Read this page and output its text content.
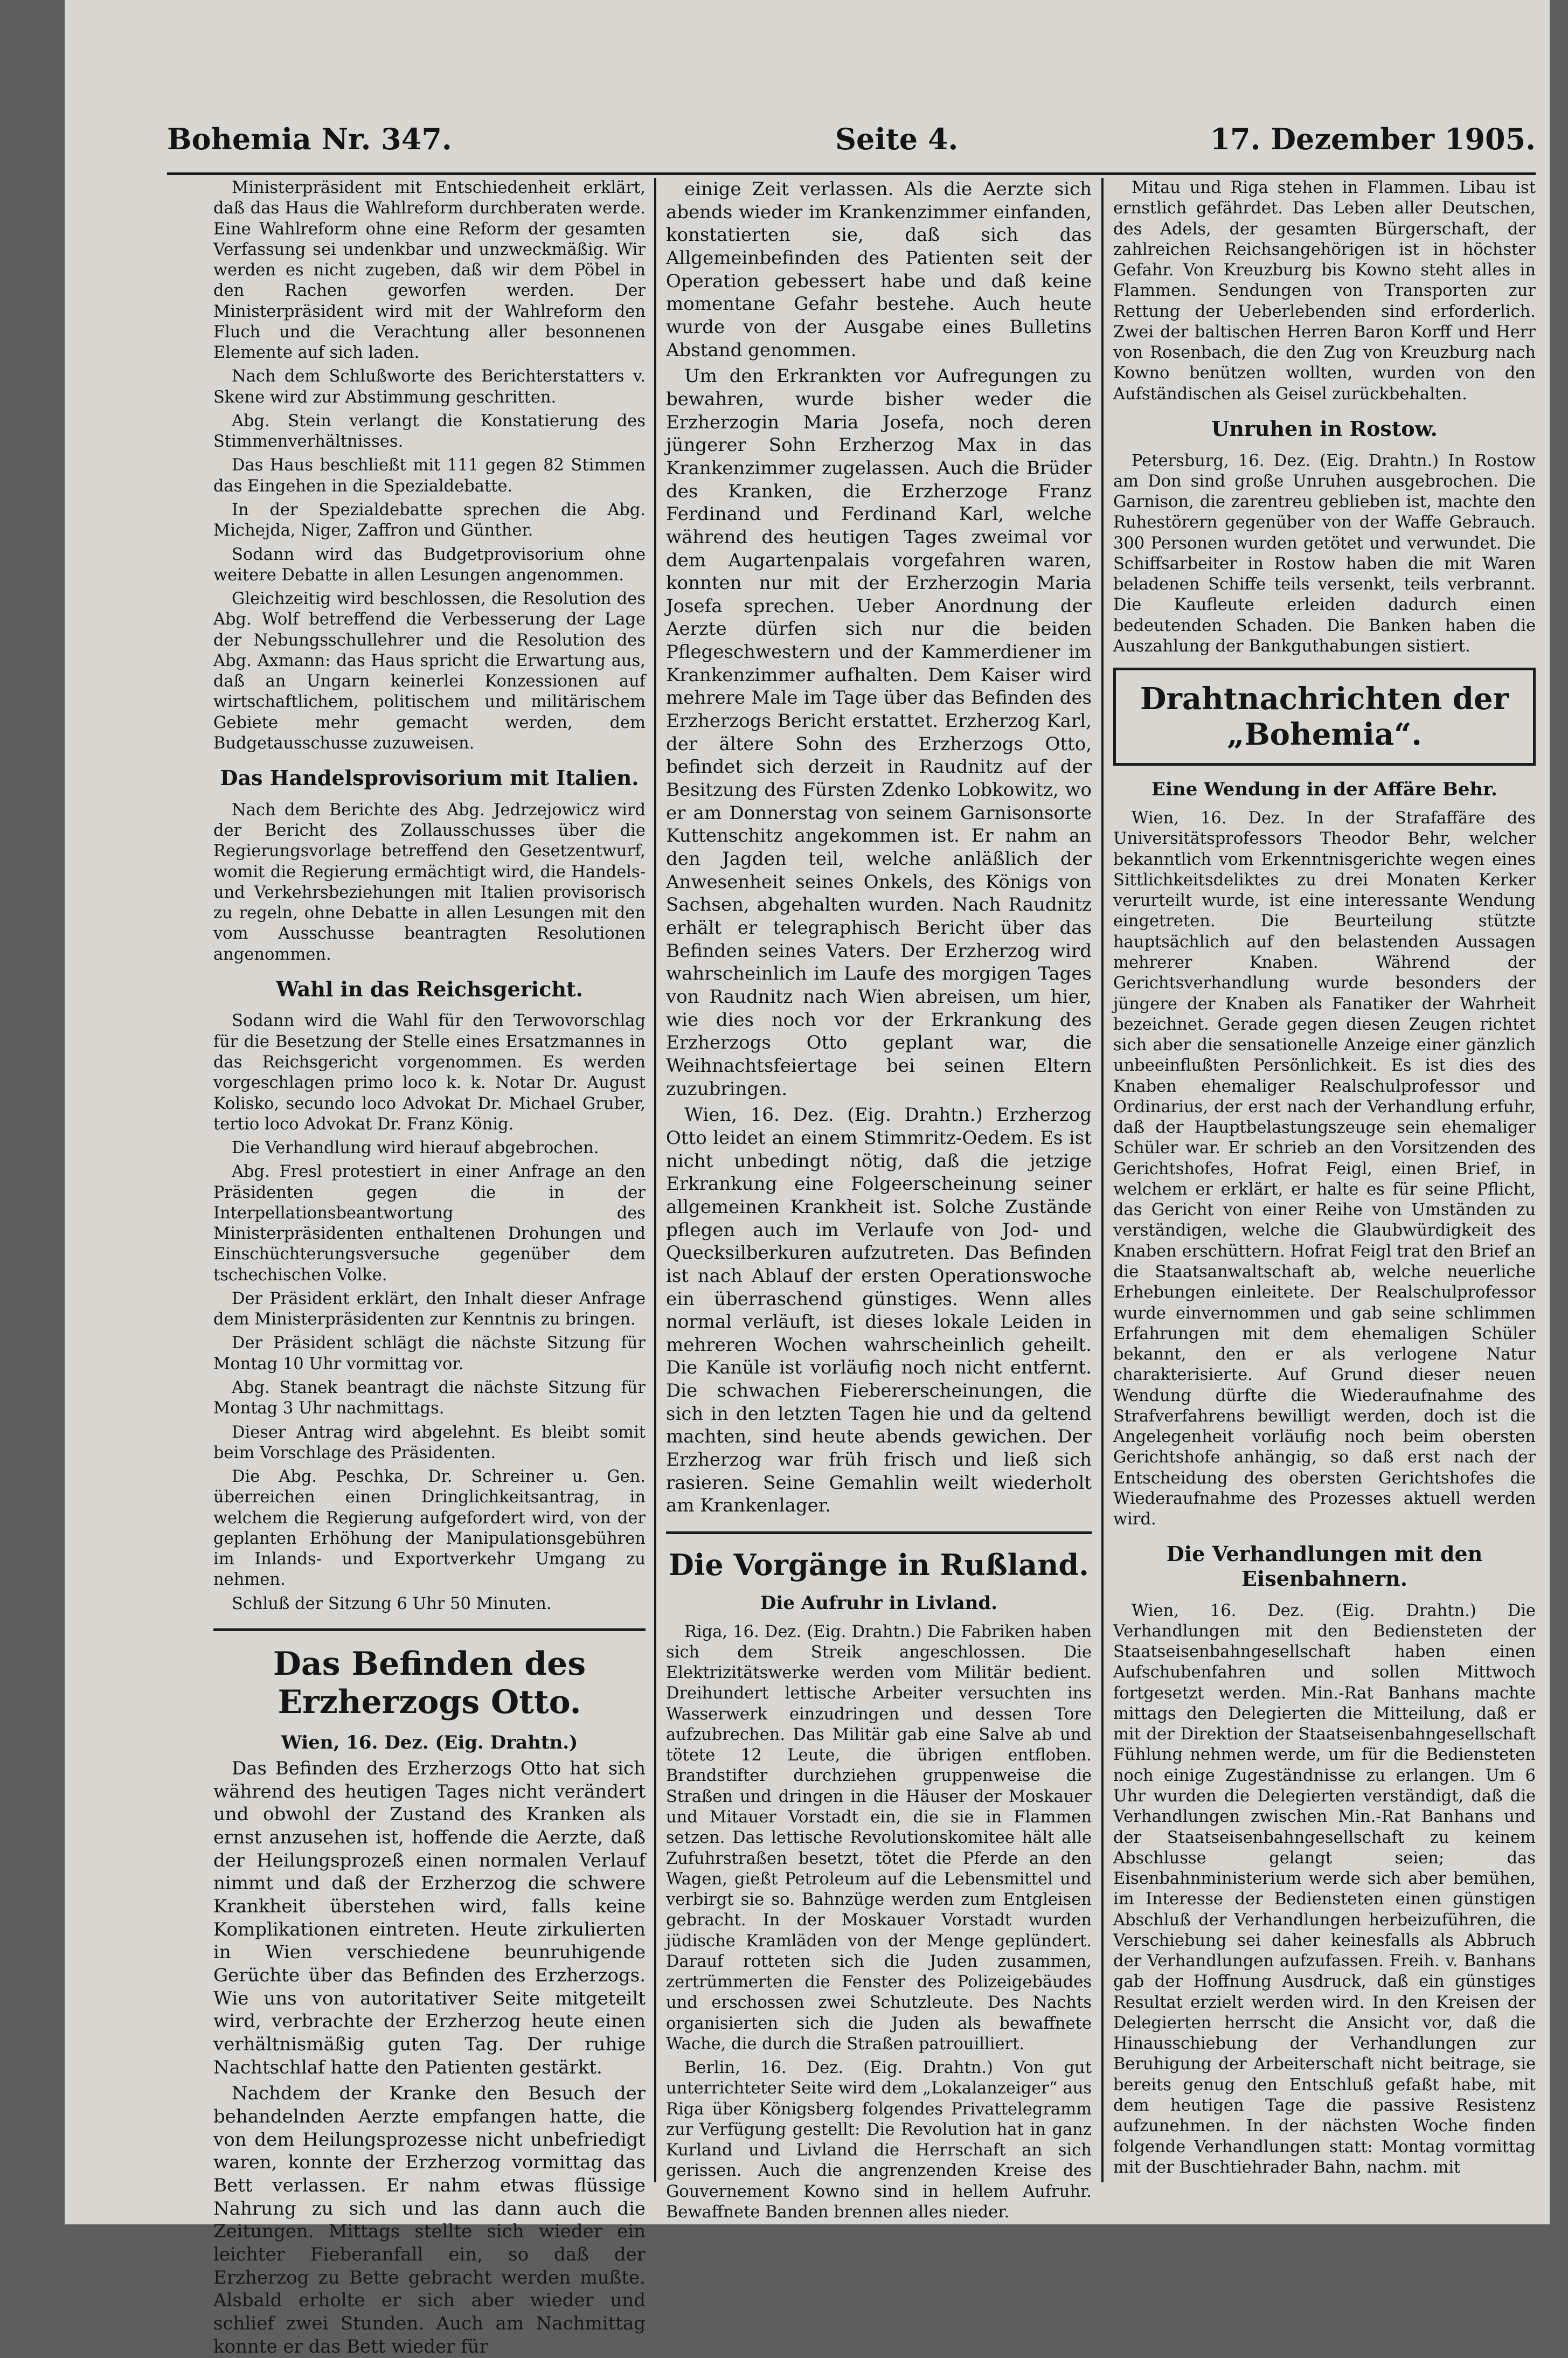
Bohemia Nr. 347.	Seite 4.	17. Dezember 1905.

Ministerpräsident mit Entschiedenheit erklärt, daß das Haus die Wahlreform durchberaten werde. Eine Wahlreform ohne eine Reform der gesamten Verfassung sei undenkbar und unzweckmäßig. Wir werden es nicht zugeben, daß wir dem Pöbel in den Rachen geworfen werden. Der Ministerpräsident wird mit der Wahlreform den Fluch und die Verachtung aller besonnenen Elemente auf sich laden.

Nach dem Schlußworte des Berichterstatters v. Skene wird zur Abstimmung geschritten.

Abg. Stein verlangt die Konstatierung des Stimmenverhältnisses.

Das Haus beschließt mit 111 gegen 82 Stimmen das Eingehen in die Spezialdebatte.

In der Spezialdebatte sprechen die Abg. Michejda, Niger, Zaffron und Günther.

Sodann wird das Budgetprovisorium ohne weitere Debatte in allen Lesungen angenommen.

Gleichzeitig wird beschlossen, die Resolution des Abg. Wolf betreffend die Verbesserung der Lage der Nebungsschullehrer und die Resolution des Abg. Axmann: das Haus spricht die Erwartung aus, daß an Ungarn keinerlei Konzessionen auf wirtschaftlichem, politischem und militärischem Gebiete mehr gemacht werden, dem Budgetausschusse zuzuweisen.

Das Handelsprovisorium mit Italien.

Nach dem Berichte des Abg. Jedrzejowicz wird der Bericht des Zollausschusses über die Regierungsvorlage betreffend den Gesetzentwurf, womit die Regierung ermächtigt wird, die Handels- und Verkehrsbeziehungen mit Italien provisorisch zu regeln, ohne Debatte in allen Lesungen mit den vom Ausschusse beantragten Resolutionen angenommen.

Wahl in das Reichsgericht.

Sodann wird die Wahl für den Terwovorschlag für die Besetzung der Stelle eines Ersatzmannes in das Reichsgericht vorgenommen. Es werden vorgeschlagen primo loco k. k. Notar Dr. August Kolisko, secundo loco Advokat Dr. Michael Gruber, tertio loco Advokat Dr. Franz König.

Die Verhandlung wird hierauf abgebrochen.

Abg. Fresl protestiert in einer Anfrage an den Präsidenten gegen die in der Interpellationsbeantwortung des Ministerpräsidenten enthaltenen Drohungen und Einschüchterungsversuche gegenüber dem tschechischen Volke.

Der Präsident erklärt, den Inhalt dieser Anfrage dem Ministerpräsidenten zur Kenntnis zu bringen.

Der Präsident schlägt die nächste Sitzung für Montag 10 Uhr vormittag vor.

Abg. Stanek beantragt die nächste Sitzung für Montag 3 Uhr nachmittags.

Dieser Antrag wird abgelehnt. Es bleibt somit beim Vorschlage des Präsidenten.

Die Abg. Peschka, Dr. Schreiner u. Gen. überreichen einen Dringlichkeitsantrag, in welchem die Regierung aufgefordert wird, von der geplanten Erhöhung der Manipulationsgebühren im Inlands- und Exportverkehr Umgang zu nehmen.

Schluß der Sitzung 6 Uhr 50 Minuten.

Das Befinden des Erzherzogs Otto.

Wien, 16. Dez. (Eig. Drahtn.)

Das Befinden des Erzherzogs Otto hat sich während des heutigen Tages nicht verändert und obwohl der Zustand des Kranken als ernst anzusehen ist, hoffende die Aerzte, daß der Heilungsprozeß einen normalen Verlauf nimmt und daß der Erzherzog die schwere Krankheit überstehen wird, falls keine Komplikationen eintreten. Heute zirkulierten in Wien verschiedene beunruhigende Gerüchte über das Befinden des Erzherzogs. Wie uns von autoritativer Seite mitgeteilt wird, verbrachte der Erzherzog heute einen verhältnismäßig guten Tag. Der ruhige Nachtschlaf hatte den Patienten gestärkt.

Nachdem der Kranke den Besuch der behandelnden Aerzte empfangen hatte, die von dem Heilungsprozesse nicht unbefriedigt waren, konnte der Erzherzog vormittag das Bett verlassen. Er nahm etwas flüssige Nahrung zu sich und las dann auch die Zeitungen. Mittags stellte sich wieder ein leichter Fieberanfall ein, so daß der Erzherzog zu Bette gebracht werden mußte. Alsbald erholte er sich aber wieder und schlief zwei Stunden. Auch am Nachmittag konnte er das Bett wieder für

einige Zeit verlassen. Als die Aerzte sich abends wieder im Krankenzimmer einfanden, konstatierten sie, daß sich das Allgemeinbefinden des Patienten seit der Operation gebessert habe und daß keine momentane Gefahr bestehe. Auch heute wurde von der Ausgabe eines Bulletins Abstand genommen.

Um den Erkrankten vor Aufregungen zu bewahren, wurde bisher weder die Erzherzogin Maria Josefa, noch deren jüngerer Sohn Erzherzog Max in das Krankenzimmer zugelassen. Auch die Brüder des Kranken, die Erzherzoge Franz Ferdinand und Ferdinand Karl, welche während des heutigen Tages zweimal vor dem Augartenpalais vorgefahren waren, konnten nur mit der Erzherzogin Maria Josefa sprechen. Ueber Anordnung der Aerzte dürfen sich nur die beiden Pflegeschwestern und der Kammerdiener im Krankenzimmer aufhalten. Dem Kaiser wird mehrere Male im Tage über das Befinden des Erzherzogs Bericht erstattet. Erzherzog Karl, der ältere Sohn des Erzherzogs Otto, befindet sich derzeit in Raudnitz auf der Besitzung des Fürsten Zdenko Lobkowitz, wo er am Donnerstag von seinem Garnisonsorte Kuttenschitz angekommen ist. Er nahm an den Jagden teil, welche anläßlich der Anwesenheit seines Onkels, des Königs von Sachsen, abgehalten wurden. Nach Raudnitz erhält er telegraphisch Bericht über das Befinden seines Vaters. Der Erzherzog wird wahrscheinlich im Laufe des morgigen Tages von Raudnitz nach Wien abreisen, um hier, wie dies noch vor der Erkrankung des Erzherzogs Otto geplant war, die Weihnachtsfeiertage bei seinen Eltern zuzubringen.

Wien, 16. Dez. (Eig. Drahtn.) Erzherzog Otto leidet an einem Stimmritz-Oedem. Es ist nicht unbedingt nötig, daß die jetzige Erkrankung eine Folgeerscheinung seiner allgemeinen Krankheit ist. Solche Zustände pflegen auch im Verlaufe von Jod- und Quecksilberkuren aufzutreten. Das Befinden ist nach Ablauf der ersten Operationswoche ein überraschend günstiges. Wenn alles normal verläuft, ist dieses lokale Leiden in mehreren Wochen wahrscheinlich geheilt. Die Kanüle ist vorläufig noch nicht entfernt. Die schwachen Fiebererscheinungen, die sich in den letzten Tagen hie und da geltend machten, sind heute abends gewichen. Der Erzherzog war früh frisch und ließ sich rasieren. Seine Gemahlin weilt wiederholt am Krankenlager.

Die Vorgänge in Rußland.
Die Aufruhr in Livland.

Riga, 16. Dez. (Eig. Drahtn.) Die Fabriken haben sich dem Streik angeschlossen. Die Elektrizitätswerke werden vom Militär bedient. Dreihundert lettische Arbeiter versuchten ins Wasserwerk einzudringen und dessen Tore aufzubrechen. Das Militär gab eine Salve ab und tötete 12 Leute, die übrigen entfloben. Brandstifter durchziehen gruppenweise die Straßen und dringen in die Häuser der Moskauer und Mitauer Vorstadt ein, die sie in Flammen setzen. Das lettische Revolutionskomitee hält alle Zufuhrstraßen besetzt, tötet die Pferde an den Wagen, gießt Petroleum auf die Lebensmittel und verbirgt sie so. Bahnzüge werden zum Entgleisen gebracht. In der Moskauer Vorstadt wurden jüdische Kramläden von der Menge geplündert. Darauf rotteten sich die Juden zusammen, zertrümmerten die Fenster des Polizeigebäudes und erschossen zwei Schutzleute. Des Nachts organisierten sich die Juden als bewaffnete Wache, die durch die Straßen patrouilliert.

Berlin, 16. Dez. (Eig. Drahtn.) Von gut unterrichteter Seite wird dem „Lokalanzeiger“ aus Riga über Königsberg folgendes Privattelegramm zur Verfügung gestellt: Die Revolution hat in ganz Kurland und Livland die Herrschaft an sich gerissen. Auch die angrenzenden Kreise des Gouvernement Kowno sind in hellem Aufruhr. Bewaffnete Banden brennen alles nieder.

Mitau und Riga stehen in Flammen. Libau ist ernstlich gefährdet. Das Leben aller Deutschen, des Adels, der gesamten Bürgerschaft, der zahlreichen Reichsangehörigen ist in höchster Gefahr. Von Kreuzburg bis Kowno steht alles in Flammen. Sendungen von Transporten zur Rettung der Ueberlebenden sind erforderlich. Zwei der baltischen Herren Baron Korff und Herr von Rosenbach, die den Zug von Kreuzburg nach Kowno benützen wollten, wurden von den Aufständischen als Geisel zurückbehalten.

Unruhen in Rostow.

Petersburg, 16. Dez. (Eig. Drahtn.) In Rostow am Don sind große Unruhen ausgebrochen. Die Garnison, die zarentreu geblieben ist, machte den Ruhestörern gegenüber von der Waffe Gebrauch. 300 Personen wurden getötet und verwundet. Die Schiffsarbeiter in Rostow haben die mit Waren beladenen Schiffe teils versenkt, teils verbrannt. Die Kaufleute erleiden dadurch einen bedeutenden Schaden. Die Banken haben die Auszahlung der Bankguthabungen sistiert.

Drahtnachrichten der „Bohemia“.
Eine Wendung in der Affäre Behr.

Wien, 16. Dez. In der Strafaffäre des Universitätsprofessors Theodor Behr, welcher bekanntlich vom Erkenntnisgerichte wegen eines Sittlichkeitsdeliktes zu drei Monaten Kerker verurteilt wurde, ist eine interessante Wendung eingetreten. Die Beurteilung stützte hauptsächlich auf den belastenden Aussagen mehrerer Knaben. Während der Gerichtsverhandlung wurde besonders der jüngere der Knaben als Fanatiker der Wahrheit bezeichnet. Gerade gegen diesen Zeugen richtet sich aber die sensationelle Anzeige einer gänzlich unbeeinflußten Persönlichkeit. Es ist dies des Knaben ehemaliger Realschulprofessor und Ordinarius, der erst nach der Verhandlung erfuhr, daß der Hauptbelastungszeuge sein ehemaliger Schüler war. Er schrieb an den Vorsitzenden des Gerichtshofes, Hofrat Feigl, einen Brief, in welchem er erklärt, er halte es für seine Pflicht, das Gericht von einer Reihe von Umständen zu verständigen, welche die Glaubwürdigkeit des Knaben erschüttern. Hofrat Feigl trat den Brief an die Staatsanwaltschaft ab, welche neuerliche Erhebungen einleitete. Der Realschulprofessor wurde einvernommen und gab seine schlimmen Erfahrungen mit dem ehemaligen Schüler bekannt, den er als verlogene Natur charakterisierte. Auf Grund dieser neuen Wendung dürfte die Wiederaufnahme des Strafverfahrens bewilligt werden, doch ist die Angelegenheit vorläufig noch beim obersten Gerichtshofe anhängig, so daß erst nach der Entscheidung des obersten Gerichtshofes die Wiederaufnahme des Prozesses aktuell werden wird.

Die Verhandlungen mit den Eisenbahnern.

Wien, 16. Dez. (Eig. Drahtn.) Die Verhandlungen mit den Bediensteten der Staatseisenbahngesellschaft haben einen Aufschubenfahren und sollen Mittwoch fortgesetzt werden. Min.-Rat Banhans machte mittags den Delegierten die Mitteilung, daß er mit der Direktion der Staatseisenbahngesellschaft Fühlung nehmen werde, um für die Bediensteten noch einige Zugeständnisse zu erlangen. Um 6 Uhr wurden die Delegierten verständigt, daß die Verhandlungen zwischen Min.-Rat Banhans und der Staatseisenbahngesellschaft zu keinem Abschlusse gelangt seien; das Eisenbahnministerium werde sich aber bemühen, im Interesse der Bediensteten einen günstigen Abschluß der Verhandlungen herbeizuführen, die Verschiebung sei daher keinesfalls als Abbruch der Verhandlungen aufzufassen. Freih. v. Banhans gab der Hoffnung Ausdruck, daß ein günstiges Resultat erzielt werden wird. In den Kreisen der Delegierten herrscht die Ansicht vor, daß die Hinausschiebung der Verhandlungen zur Beruhigung der Arbeiterschaft nicht beitrage, sie bereits genug den Entschluß gefaßt habe, mit dem heutigen Tage die passive Resistenz aufzunehmen. In der nächsten Woche finden folgende Verhandlungen statt: Montag vormittag mit der Buschtiehrader Bahn, nachm. mit
